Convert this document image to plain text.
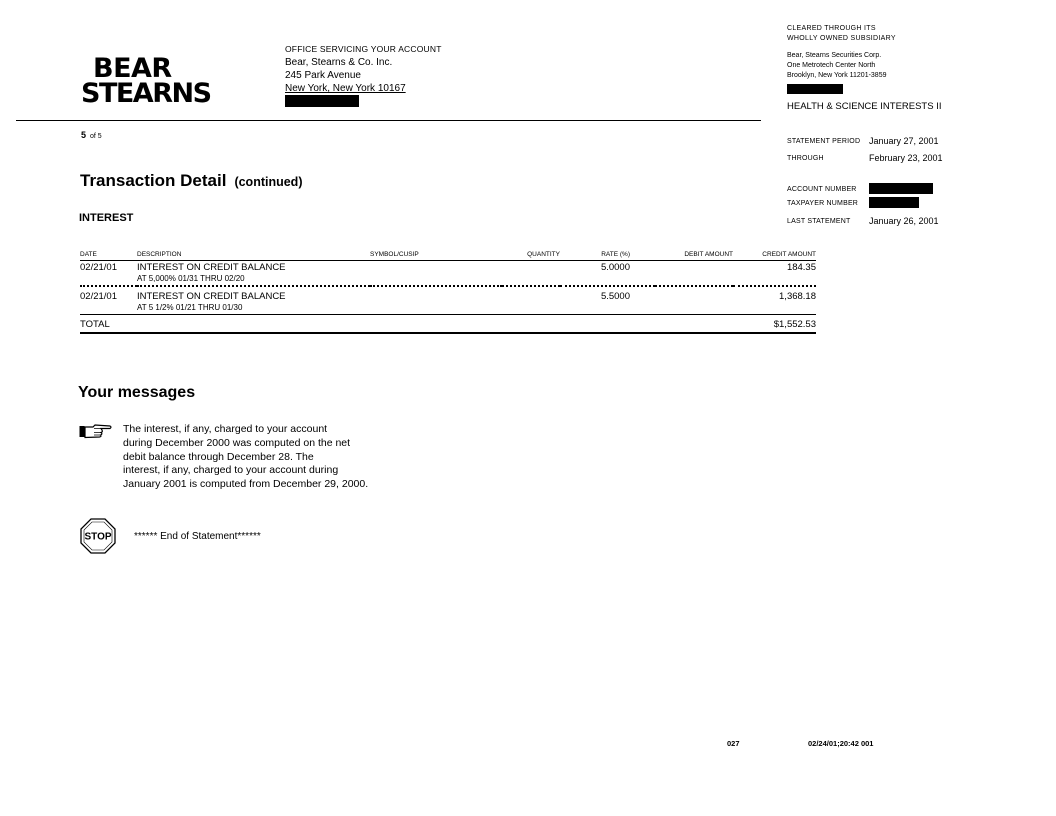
BEAR
STEARNS
OFFICE SERVICING YOUR ACCOUNT
Bear, Stearns & Co. Inc.
245 Park Avenue
New York, New York 10167
5 of 5
CLEARED THROUGH ITS
WHOLLY OWNED SUBSIDIARY
Bear, Stearns Securities Corp.
One Metrotech Center North
Brooklyn, New York 11201-3859
HEALTH & SCIENCE INTERESTS II
STATEMENT PERIOD January 27, 2001
THROUGH	February 23, 2001
ACCOUNT NUMBER
TAXPAYER NUMBER
LAST STATEMENT January 26, 2001
Transaction Detail (continued)
INTEREST
DATE	DESCRIPTION	SYMBOL/CUSIP	QUANTITY	RATE (%)	DEBIT AMOUNT	CREDIT AMOUNT
02/21/01	INTEREST ON CREDIT BALANCE
AT 5,000% 01/31 THRU 02/20			5.0000		184.35
02/21/01	INTEREST ON CREDIT BALANCE
AT 5 1/2% 01/21 THRU 01/30			5.5000		1,368.18
TOTAL						$1,552.53
Your messages
The interest, if any, charged to your account
during December 2000 was computed on the net
debit balance through December 28. The
interest, if any, charged to your account during
January 2001 is computed from December 29, 2000.
STOP ****** End of Statement******
027	02/24/01;20:42 001
